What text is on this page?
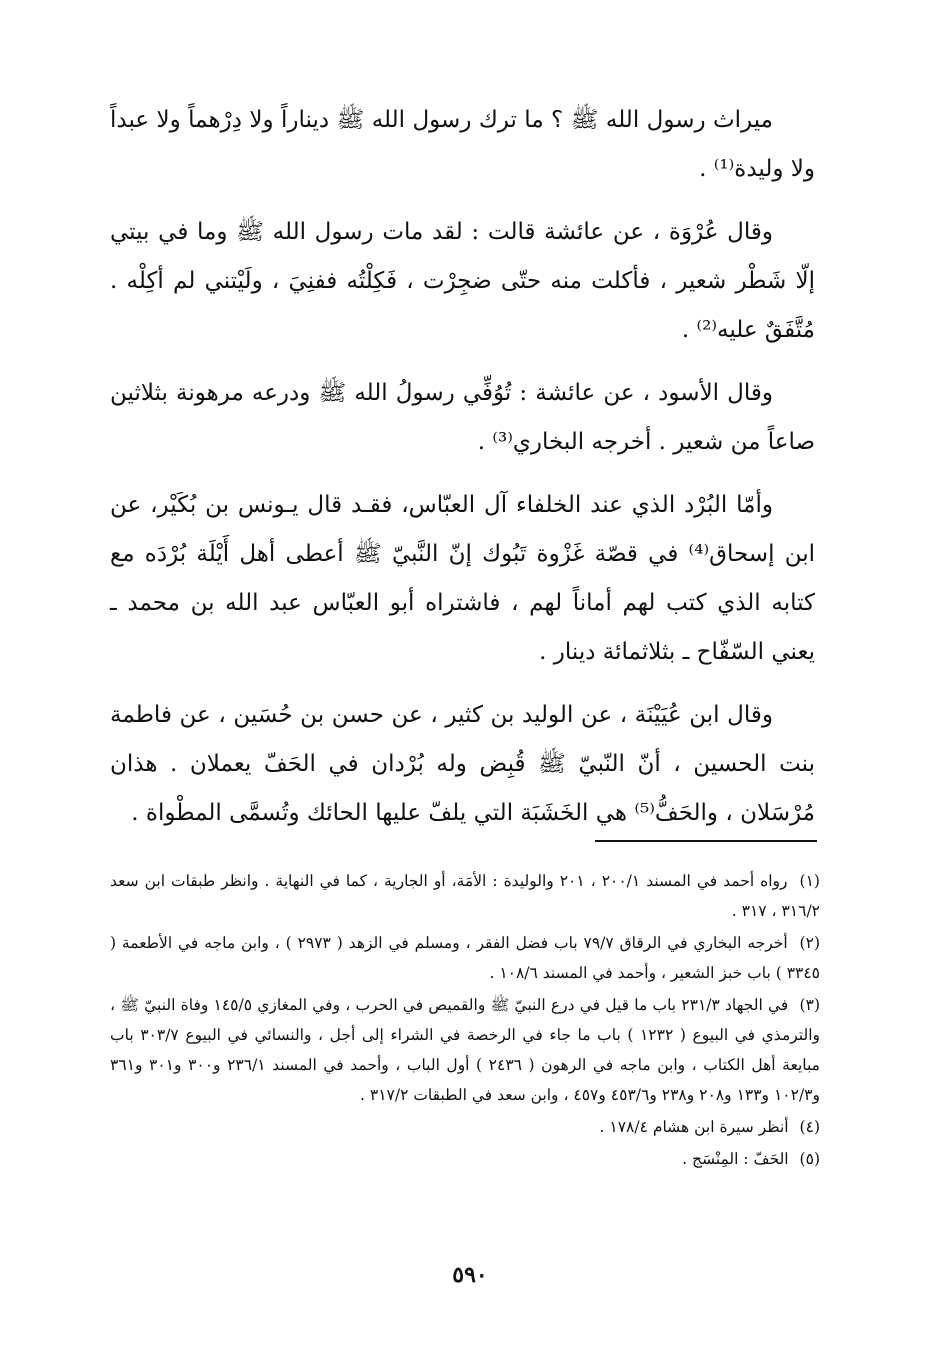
ميراث رسول الله ﷺ ؟ ما ترك رسول الله ﷺ ديناراً ولا دِرْهماً ولا عبداً ولا وليدة⁽¹⁾ .

وقال عُرْوَة ، عن عائشة قالت : لقد مات رسول الله ﷺ وما في بيتي إلّا شَطْر شعير ، فأكلت منه حتّى ضجِرْت ، فَكِلْتُه ففنِيَ ، ولَيْتني لم أكِلْه . مُتَّفَقٌ عليه⁽²⁾ .

وقال الأسود ، عن عائشة : تُوُفِّي رسولُ الله ﷺ ودرعه مرهونة بثلاثين صاعاً من شعير . أخرجه البخاري⁽³⁾ .

وأمّا البُرْد الذي عند الخلفاء آل العبّاس، فقـد قال يـونس بن بُكَيْر، عن ابن إسحاق⁽⁴⁾ في قصّة غَزْوة تَبُوك إنّ النَّبيّ ﷺ أعطى أهل أَيْلَة بُرْدَه مع كتابه الذي كتب لهم أماناً لهم ، فاشتراه أبو العبّاس عبد الله بن محمد ـ يعني السّفّاح ـ بثلاثمائة دينار .

وقال ابن عُيَيْنَة ، عن الوليد بن كثير ، عن حسن بن حُسَين ، عن فاطمة بنت الحسين ، أنّ النّبيّ ﷺ قُبِض وله بُرْدان في الحَفّ يعملان . هذان مُرْسَلان ، والحَفُّ⁽⁵⁾ هي الخَشَبَة التي يلفّ عليها الحائك وتُسمَّى المطْواة .

(١) رواه أحمد في المسند ٢٠٠/١ ، ٢٠١ والوليدة : الأمَة، أو الجارية ، كما في النهاية . وانظر طبقات ابن سعد ٣١٦/٢ ، ٣١٧ .
(٢) أخرجه البخاري في الرقاق ٧٩/٧ باب فضل الفقر ، ومسلم في الزهد ( ٢٩٧٣ ) ، وابن ماجه في الأطعمة ( ٣٣٤٥ ) باب خبز الشعير ، وأحمد في المسند ١٠٨/٦ .
(٣) في الجهاد ٢٣١/٣ باب ما قيل في درع النبيّ ﷺ والقميص في الحرب ، وفي المغازي ١٤٥/٥ وفاة النبيّ ﷺ ، والترمذي في البيوع ( ١٢٣٢ ) باب ما جاء في الرخصة في الشراء إلى أجل ، والنسائي في البيوع ٣٠٣/٧ باب مبايعة أهل الكتاب ، وابن ماجه في الرهون ( ٢٤٣٦ ) أول الباب ، وأحمد في المسند ٢٣٦/١ و٣٠٠ و٣٠١ و٣٦١ و١٠٢/٣ و١٣٣ و٢٠٨ و٢٣٨ و٤٥٣/٦ و٤٥٧ ، وابن سعد في الطبقات ٣١٧/٢ .
(٤) أنظر سيرة ابن هشام ١٧٨/٤ .
(٥) الحَفّ : المِنْسَج .
٥٩٠
